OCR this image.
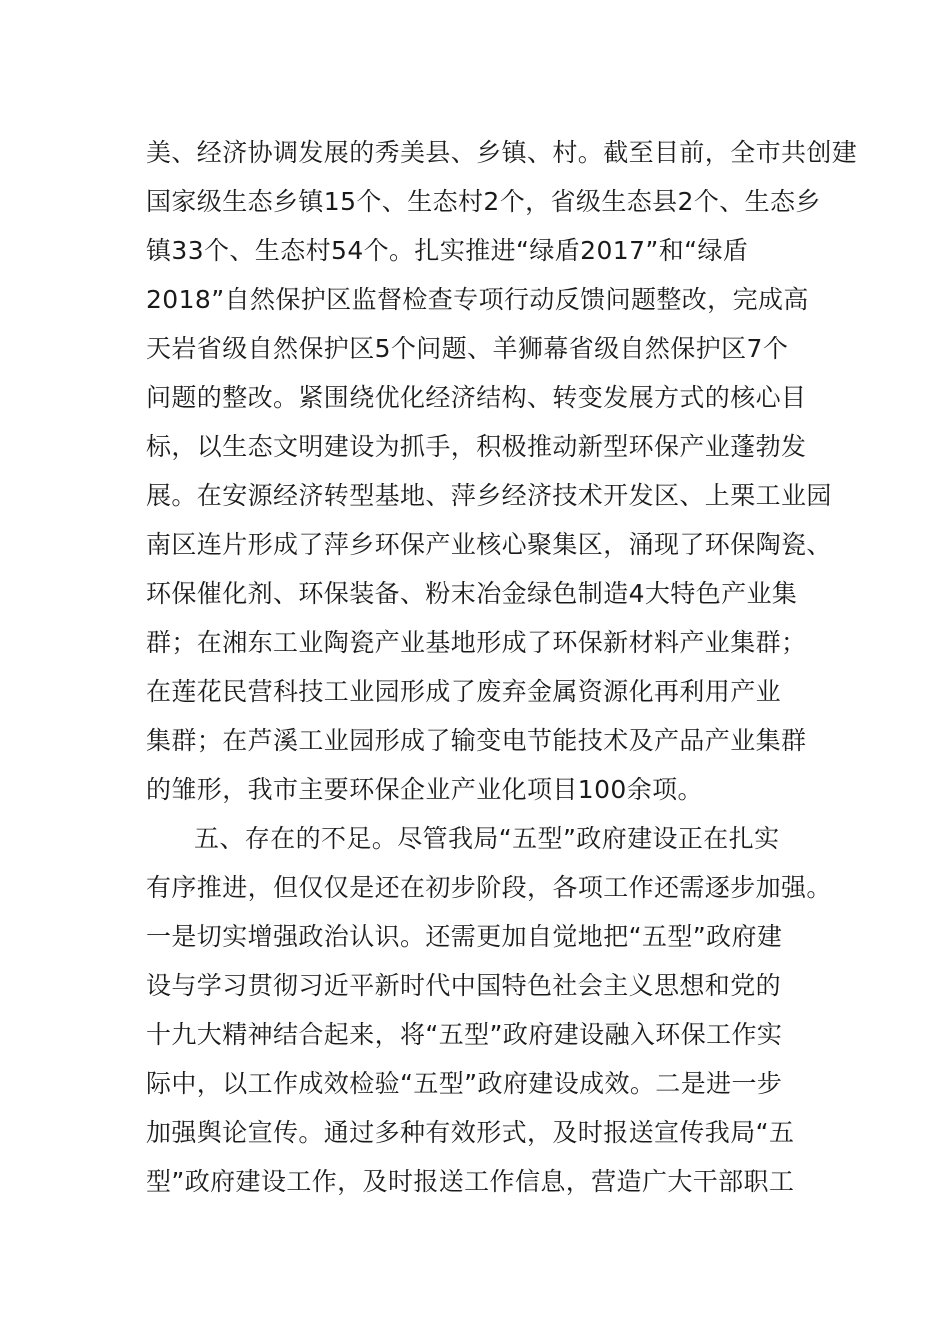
美、经济协调发展的秀美县、乡镇、村。截至目前，全市共创建
国家级生态乡镇15个、生态村2个，省级生态县2个、生态乡
镇33个、生态村54个。扎实推进“绿盾2017”和“绿盾
2018”自然保护区监督检查专项行动反馈问题整改，完成高
天岩省级自然保护区5个问题、羊狮幕省级自然保护区7个
问题的整改。紧围绕优化经济结构、转变发展方式的核心目
标，以生态文明建设为抓手，积极推动新型环保产业蓬勃发
展。在安源经济转型基地、萍乡经济技术开发区、上栗工业园
南区连片形成了萍乡环保产业核心聚集区，涌现了环保陶瓷、
环保催化剂、环保装备、粉末冶金绿色制造4大特色产业集
群；在湘东工业陶瓷产业基地形成了环保新材料产业集群；
在莲花民营科技工业园形成了废弃金属资源化再利用产业
集群；在芦溪工业园形成了输变电节能技术及产品产业集群
的雏形，我市主要环保企业产业化项目100余项。
五、存在的不足。尽管我局“五型”政府建设正在扎实
有序推进，但仅仅是还在初步阶段，各项工作还需逐步加强。
一是切实增强政治认识。还需更加自觉地把“五型”政府建
设与学习贯彻习近平新时代中国特色社会主义思想和党的
十九大精神结合起来，将“五型”政府建设融入环保工作实
际中，以工作成效检验“五型”政府建设成效。二是进一步
加强舆论宣传。通过多种有效形式，及时报送宣传我局“五
型”政府建设工作，及时报送工作信息，营造广大干部职工
